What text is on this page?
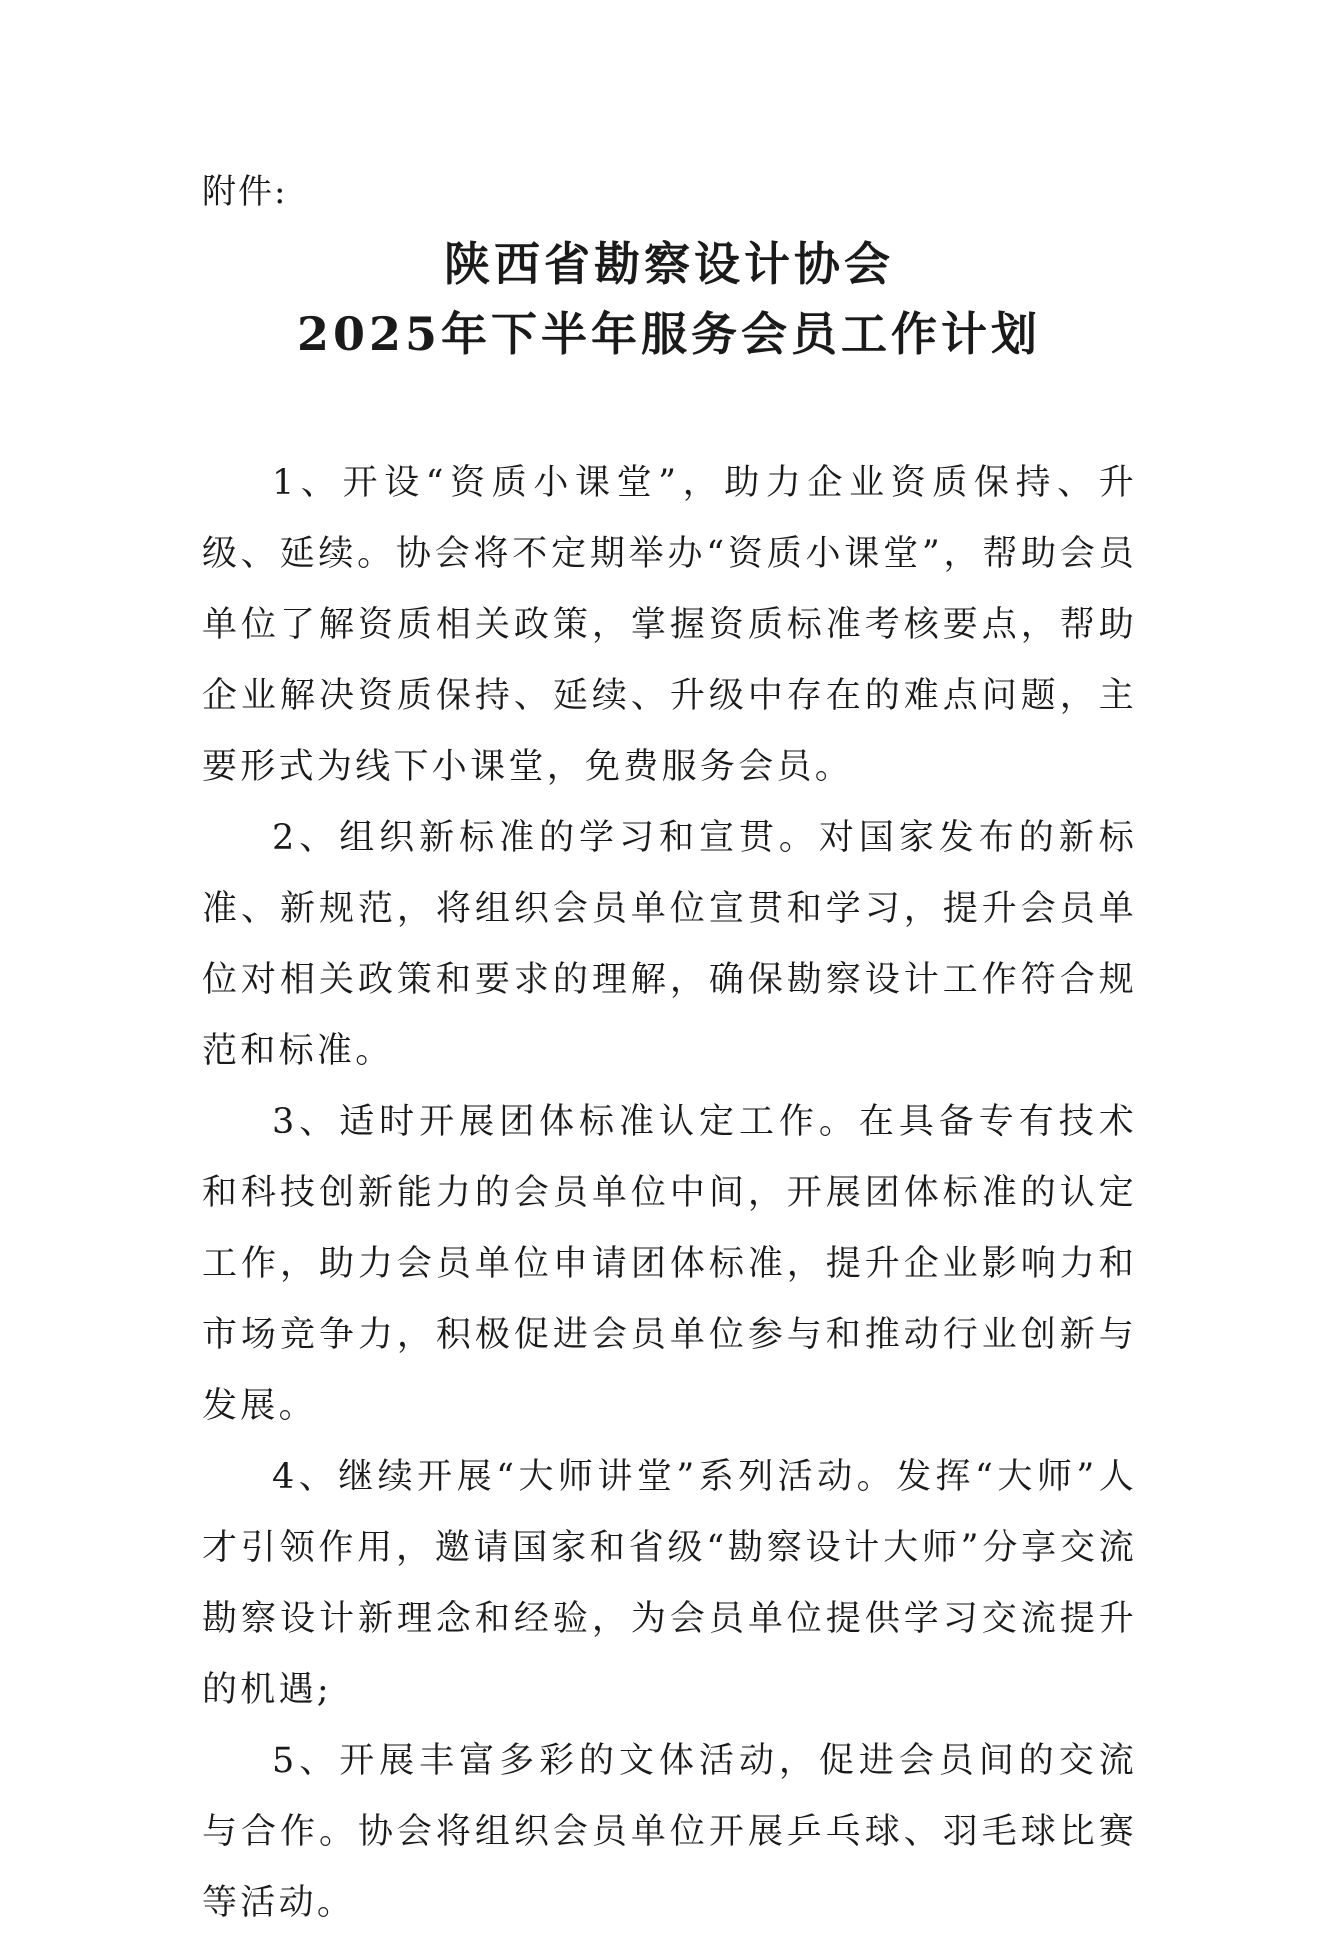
附件:
陕西省勘察设计协会
2025年下半年服务会员工作计划

1、开设“资质小课堂”，助力企业资质保持、升级、延续。协会将不定期举办“资质小课堂”，帮助会员单位了解资质相关政策，掌握资质标准考核要点，帮助企业解决资质保持、延续、升级中存在的难点问题，主要形式为线下小课堂，免费服务会员。

2、组织新标准的学习和宣贯。对国家发布的新标准、新规范，将组织会员单位宣贯和学习，提升会员单位对相关政策和要求的理解，确保勘察设计工作符合规范和标准。

3、适时开展团体标准认定工作。在具备专有技术和科技创新能力的会员单位中间，开展团体标准的认定工作，助力会员单位申请团体标准，提升企业影响力和市场竞争力，积极促进会员单位参与和推动行业创新与发展。

4、继续开展“大师讲堂”系列活动。发挥“大师”人才引领作用，邀请国家和省级“勘察设计大师”分享交流勘察设计新理念和经验，为会员单位提供学习交流提升的机遇;

5、开展丰富多彩的文体活动，促进会员间的交流与合作。协会将组织会员单位开展乒乓球、羽毛球比赛等活动。
